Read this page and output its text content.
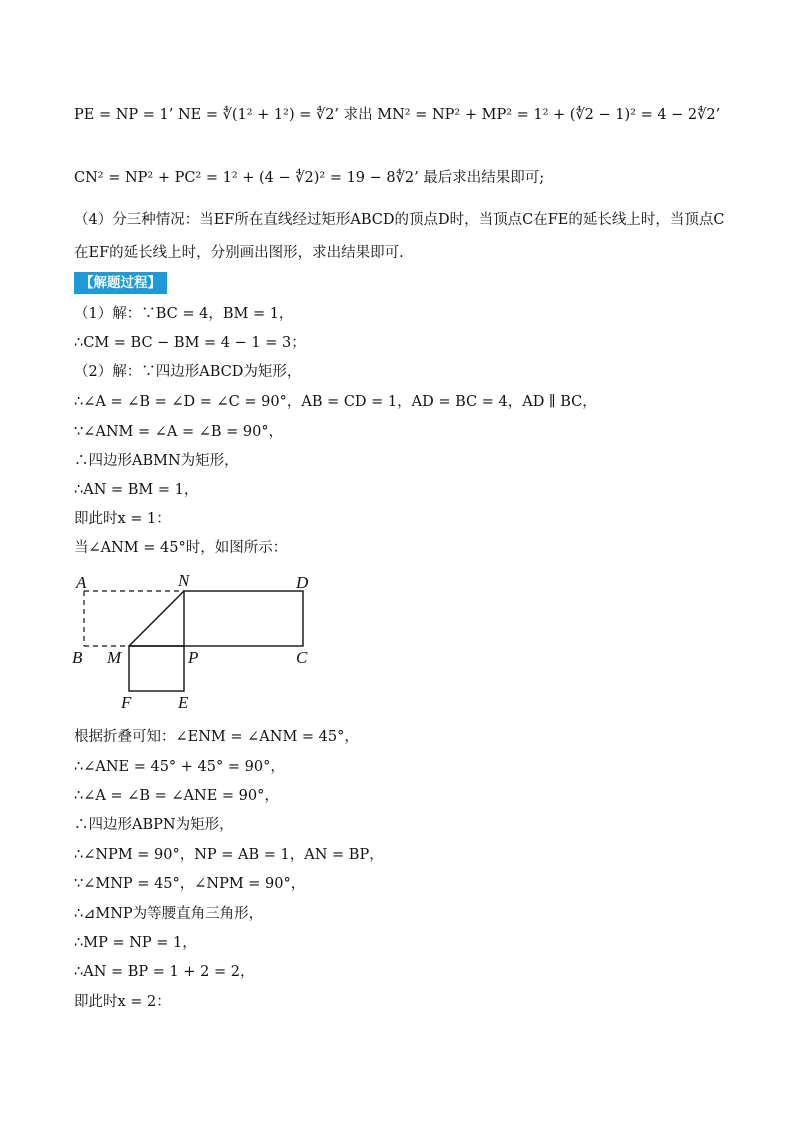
PE = NP = 1’ NE = ∜(1² + 1²) = ∜2’ 求出 MN² = NP² + MP² = 1² + (∜2 − 1)² = 4 − 2∜2’
CN² = NP² + PC² = 1² + (4 − ∜2)² = 19 − 8∜2’ 最后求出结果即可;
（4）分三种情况：当EF所在直线经过矩形ABCD的顶点D时，当顶点C在FE的延长线上时，当顶点C
在EF的延长线上时，分别画出图形，求出结果即可.
（1）解：∵BC = 4，BM = 1，
∴CM = BC − BM = 4 − 1 = 3；
（2）解：∵四边形ABCD为矩形，
∴∠A = ∠B = ∠D = ∠C = 90°，AB = CD = 1，AD = BC = 4，AD ∥ BC，
∵∠ANM = ∠A = ∠B = 90°，
∴四边形ABMN为矩形，
∴AN = BM = 1，
即此时x = 1：
当∠ANM = 45°时，如图所示：
根据折叠可知：∠ENM = ∠ANM = 45°，
∴∠ANE = 45° + 45° = 90°，
∴∠A = ∠B = ∠ANE = 90°，
∴四边形ABPN为矩形，
∴∠NPM = 90°，NP = AB = 1，AN = BP，
∵∠MNP = 45°，∠NPM = 90°，
∴⊿MNP为等腰直角三角形，
∴MP = NP = 1，
∴AN = BP = 1 + 2 = 2，
即此时x = 2：
【解题过程】
A	N	D
B M	P	C
F	E
